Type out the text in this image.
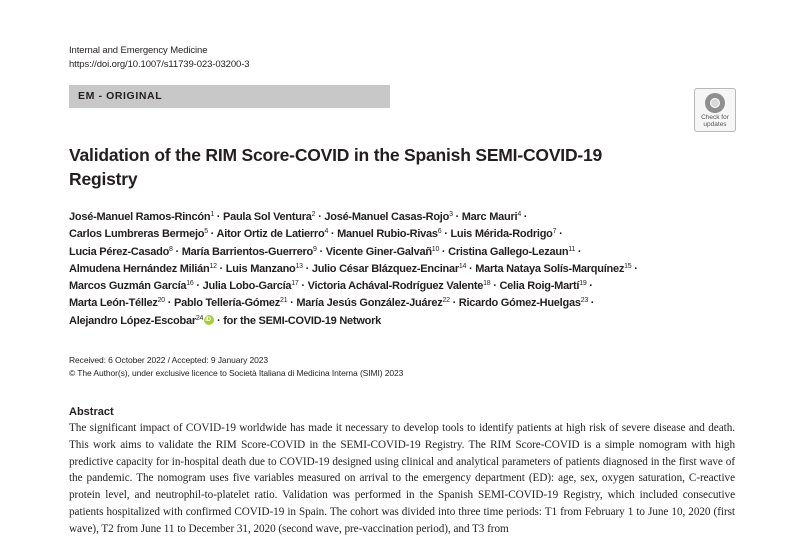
Internal and Emergency Medicine
https://doi.org/10.1007/s11739-023-03200-3
EM - ORIGINAL
Check for
updates
Validation of the RIM Score-COVID in the Spanish SEMI-COVID-19 Registry
José-Manuel Ramos-Rincón$^1$ · Paula Sol Ventura$^2$ · José-Manuel Casas-Rojo$^3$ · Marc Mauri$^4$ ·
Carlos Lumbreras Bermejo$^5$ · Aitor Ortiz de Latierro$^4$ · Manuel Rubio-Rivas$^6$ · Luis Mérida-Rodrigo$^7$ ·
Lucia Pérez-Casado$^8$ · María Barrientos-Guerrero$^9$ · Vicente Giner-Galvañ$^{10}$ · Cristina Gallego-Lezaun$^{11}$ ·
Almudena Hernández Milián$^{12}$ · Luis Manzano$^{13}$ · Julio César Blázquez-Encinar$^{14}$ · Marta Nataya Solís-Marquínez$^{15}$ ·
Marcos Guzmán García$^{16}$ · Julia Lobo-García$^{17}$ · Victoria Achával-Rodríguez Valente$^{18}$ · Celia Roig-Martí$^{19}$ ·
Marta León-Téllez$^{20}$ · Pablo Tellería-Gómez$^{21}$ · María Jesús González-Juárez$^{22}$ · Ricardo Gómez-Huelgas$^{23}$ ·
Alejandro López-Escobar$^{24}$iD · for the SEMI-COVID-19 Network
Received: 6 October 2022 / Accepted: 9 January 2023
© The Author(s), under exclusive licence to Società Italiana di Medicina Interna (SIMI) 2023
Abstract
The significant impact of COVID-19 worldwide has made it necessary to develop tools to identify patients at high risk of severe disease and death. This work aims to validate the RIM Score-COVID in the SEMI-COVID-19 Registry. The RIM Score-COVID is a simple nomogram with high predictive capacity for in-hospital death due to COVID-19 designed using clinical and analytical parameters of patients diagnosed in the first wave of the pandemic. The nomogram uses five variables measured on arrival to the emergency department (ED): age, sex, oxygen saturation, C-reactive protein level, and neutrophil-to-platelet ratio. Validation was performed in the Spanish SEMI-COVID-19 Registry, which included consecutive patients hospitalized with confirmed COVID-19 in Spain. The cohort was divided into three time periods: T1 from February 1 to June 10, 2020 (first wave), T2 from June 11 to December 31, 2020 (second wave, pre-vaccination period), and T3 from
